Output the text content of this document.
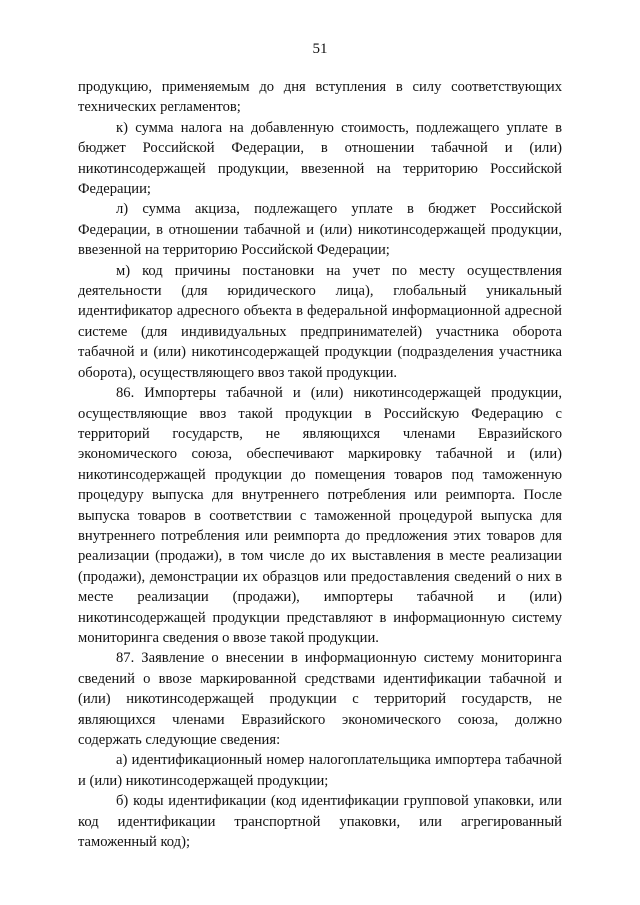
51

продукцию, применяемым до дня вступления в силу соответствующих технических регламентов;

к) сумма налога на добавленную стоимость, подлежащего уплате в бюджет Российской Федерации, в отношении табачной и (или) никотинсодержащей продукции, ввезенной на территорию Российской Федерации;

л) сумма акциза, подлежащего уплате в бюджет Российской Федерации, в отношении табачной и (или) никотинсодержащей продукции, ввезенной на территорию Российской Федерации;

м) код причины постановки на учет по месту осуществления деятельности (для юридического лица), глобальный уникальный идентификатор адресного объекта в федеральной информационной адресной системе (для индивидуальных предпринимателей) участника оборота табачной и (или) никотинсодержащей продукции (подразделения участника оборота), осуществляющего ввоз такой продукции.

86. Импортеры табачной и (или) никотинсодержащей продукции, осуществляющие ввоз такой продукции в Российскую Федерацию с территорий государств, не являющихся членами Евразийского экономического союза, обеспечивают маркировку табачной и (или) никотинсодержащей продукции до помещения товаров под таможенную процедуру выпуска для внутреннего потребления или реимпорта. После выпуска товаров в соответствии с таможенной процедурой выпуска для внутреннего потребления или реимпорта до предложения этих товаров для реализации (продажи), в том числе до их выставления в месте реализации (продажи), демонстрации их образцов или предоставления сведений о них в месте реализации (продажи), импортеры табачной и (или) никотинсодержащей продукции представляют в информационную систему мониторинга сведения о ввозе такой продукции.

87. Заявление о внесении в информационную систему мониторинга сведений о ввозе маркированной средствами идентификации табачной и (или) никотинсодержащей продукции с территорий государств, не являющихся членами Евразийского экономического союза, должно содержать следующие сведения:

а) идентификационный номер налогоплательщика импортера табачной и (или) никотинсодержащей продукции;

б) коды идентификации (код идентификации групповой упаковки, или код идентификации транспортной упаковки, или агрегированный таможенный код);
